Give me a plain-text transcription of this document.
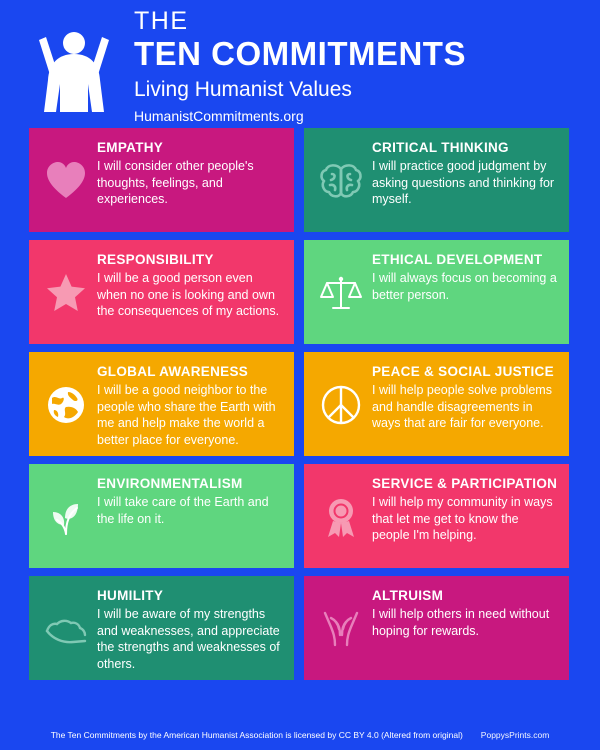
THE
TEN COMMITMENTS
Living Humanist Values
HumanistCommitments.org
EMPATHY
I will consider other people's thoughts, feelings, and experiences.
CRITICAL THINKING
I will practice good judgment by asking questions and thinking for myself.
RESPONSIBILITY
I will be a good person even when no one is looking and own the consequences of my actions.
ETHICAL DEVELOPMENT
I will always focus on becoming a better person.
GLOBAL AWARENESS
I will be a good neighbor to the people who share the Earth with me and help make the world a better place for everyone.
PEACE & SOCIAL JUSTICE
I will help people solve problems and handle disagreements in ways that are fair for everyone.
ENVIRONMENTALISM
I will take care of the Earth and the life on it.
SERVICE & PARTICIPATION
I will help my community in ways that let me get to know the people I'm helping.
HUMILITY
I will be aware of my strengths and weaknesses, and appreciate the strengths and weaknesses of others.
ALTRUISM
I will help others in need without hoping for rewards.
The Ten Commitments by the American Humanist Association is licensed by CC BY 4.0 (Altered from original) PoppysPrints.com
